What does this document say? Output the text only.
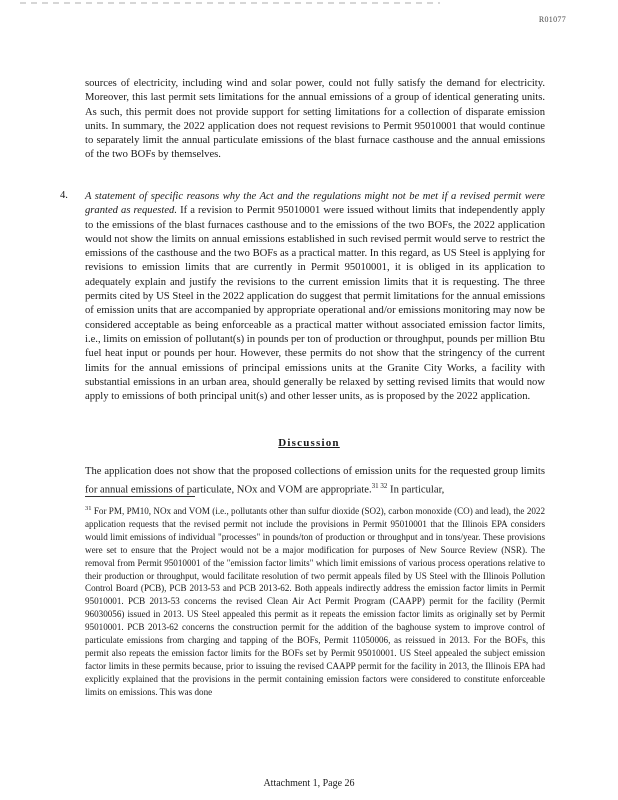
R01077

sources of electricity, including wind and solar power, could not fully satisfy the demand for electricity. Moreover, this last permit sets limitations for the annual emissions of a group of identical generating units. As such, this permit does not provide support for setting limitations for a collection of disparate emission units. In summary, the 2022 application does not request revisions to Permit 95010001 that would continue to separately limit the annual particulate emissions of the blast furnace casthouse and the annual emissions of the two BOFs by themselves.

4. A statement of specific reasons why the Act and the regulations might not be met if a revised permit were granted as requested. If a revision to Permit 95010001 were issued without limits that independently apply to the emissions of the blast furnaces casthouse and to the emissions of the two BOFs, the 2022 application would not show the limits on annual emissions established in such revised permit would serve to restrict the emissions of the casthouse and the two BOFs as a practical matter. In this regard, as US Steel is applying for revisions to emission limits that are currently in Permit 95010001, it is obliged in its application to adequately explain and justify the revisions to the current emission limits that it is requesting. The three permits cited by US Steel in the 2022 application do suggest that permit limitations for the annual emissions of emission units that are accompanied by appropriate operational and/or emissions monitoring may now be considered acceptable as being enforceable as a practical matter without associated emission factor limits, i.e., limits on emission of pollutant(s) in pounds per ton of production or throughput, pounds per million Btu fuel heat input or pounds per hour. However, these permits do not show that the stringency of the current limits for the annual emissions of principal emissions units at the Granite City Works, a facility with substantial emissions in an urban area, should generally be relaxed by setting revised limits that would now apply to emissions of both principal unit(s) and other lesser units, as is proposed by the 2022 application.
Discussion

The application does not show that the proposed collections of emission units for the requested group limits for annual emissions of particulate, NOx and VOM are appropriate.$^{31 32}$ In particular,

$^{31}$ For PM, PM10, NOx and VOM (i.e., pollutants other than sulfur dioxide (SO2), carbon monoxide (CO) and lead), the 2022 application requests that the revised permit not include the provisions in Permit 95010001 that the Illinois EPA considers would limit emissions of individual "processes" in pounds/ton of production or throughput and in tons/year. These provisions were set to ensure that the Project would not be a major modification for purposes of New Source Review (NSR). The removal from Permit 95010001 of the "emission factor limits" which limit emissions of various process operations relative to their production or throughput, would facilitate resolution of two permit appeals filed by US Steel with the Illinois Pollution Control Board (PCB), PCB 2013-53 and PCB 2013-62. Both appeals indirectly address the emission factor limits in Permit 95010001. PCB 2013-53 concerns the revised Clean Air Act Permit Program (CAAPP) permit for the facility (Permit 96030056) issued in 2013. US Steel appealed this permit as it repeats the emission factor limits as originally set by Permit 95010001. PCB 2013-62 concerns the construction permit for the addition of the baghouse system to improve control of particulate emissions from charging and tapping of the BOFs, Permit 11050006, as reissued in 2013. For the BOFs, this permit also repeats the emission factor limits for the BOFs set by Permit 95010001. US Steel appealed the subject emission factor limits in these permits because, prior to issuing the revised CAAPP permit for the facility in 2013, the Illinois EPA had explicitly explained that the provisions in the permit containing emission factors were considered to constitute enforceable limits on emissions. This was done

Attachment 1, Page 26
